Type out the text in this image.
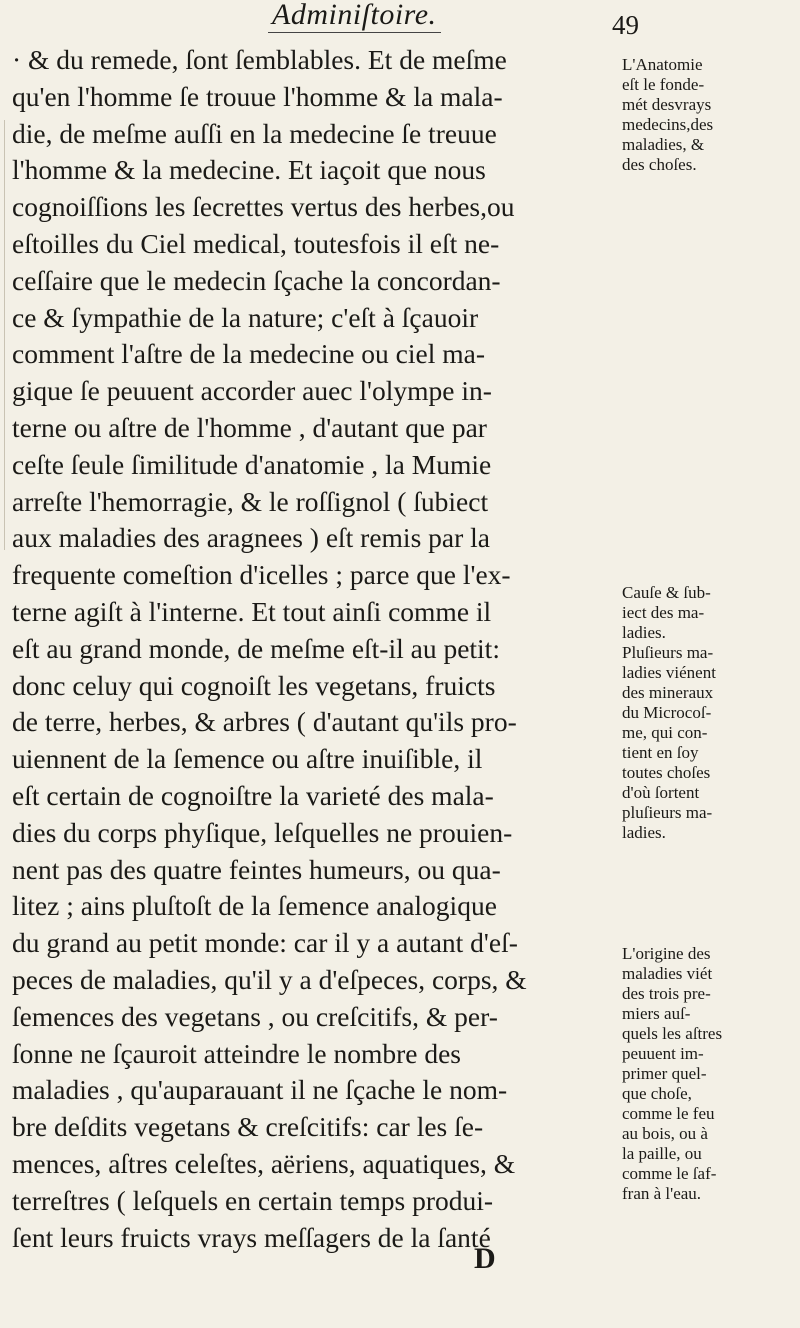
Adminiſtoire.	49
· & du remede, ſont ſemblables. Et de meſme
qu'en l'homme ſe trouue l'homme & la mala-
die, de meſme auſſi en la medecine ſe treuue
l'homme & la medecine. Et iaçoit que nous
cognoiſſions les ſecrettes vertus des herbes,ou
eſtoilles du Ciel medical, toutesfois il eſt ne-
ceſſaire que le medecin ſçache la concordan-
ce & ſympathie de la nature; c'eſt à ſçauoir
comment l'aſtre de la medecine ou ciel ma-
gique ſe peuuent accorder auec l'olympe in-
terne ou aſtre de l'homme , d'autant que par
ceſte ſeule ſimilitude d'anatomie , la Mumie
arreſte l'hemorragie, & le roſſignol ( ſubiect
aux maladies des aragnees ) eſt remis par la
frequente comeſtion d'icelles ; parce que l'ex-
terne agiſt à l'interne. Et tout ainſi comme il
eſt au grand monde, de meſme eſt-il au petit:
donc celuy qui cognoiſt les vegetans, fruicts
de terre, herbes, & arbres ( d'autant qu'ils pro-
uiennent de la ſemence ou aſtre inuiſible, il
eſt certain de cognoiſtre la varieté des mala-
dies du corps phyſique, leſquelles ne prouien-
nent pas des quatre feintes humeurs, ou qua-
litez ; ains pluſtoſt de la ſemence analogique
du grand au petit monde: car il y a autant d'eſ-
peces de maladies, qu'il y a d'eſpeces, corps, &
ſemences des vegetans , ou creſcitifs, & per-
ſonne ne ſçauroit atteindre le nombre des
maladies , qu'auparauant il ne ſçache le nom-
bre deſdits vegetans & creſcitifs: car les ſe-
mences, aſtres celeſtes, aëriens, aquatiques, &
terreſtres ( leſquels en certain temps produi-
ſent leurs fruicts vrays meſſagers de la ſanté
D
L'Anatomie
eſt le fonde-
mét desvrays
medecins,des
maladies, &
des choſes.
Cauſe & ſub-
iect des ma-
ladies.
Pluſieurs ma-
ladies viénent
des mineraux
du Microcoſ-
me, qui con-
tient en ſoy
toutes choſes
d'où ſortent
pluſieurs ma-
ladies.
L'origine des
maladies viét
des trois pre-
miers auſ-
quels les aſtres
peuuent im-
primer quel-
que choſe,
comme le feu
au bois, ou à
la paille, ou
comme le ſaf-
fran à l'eau.
